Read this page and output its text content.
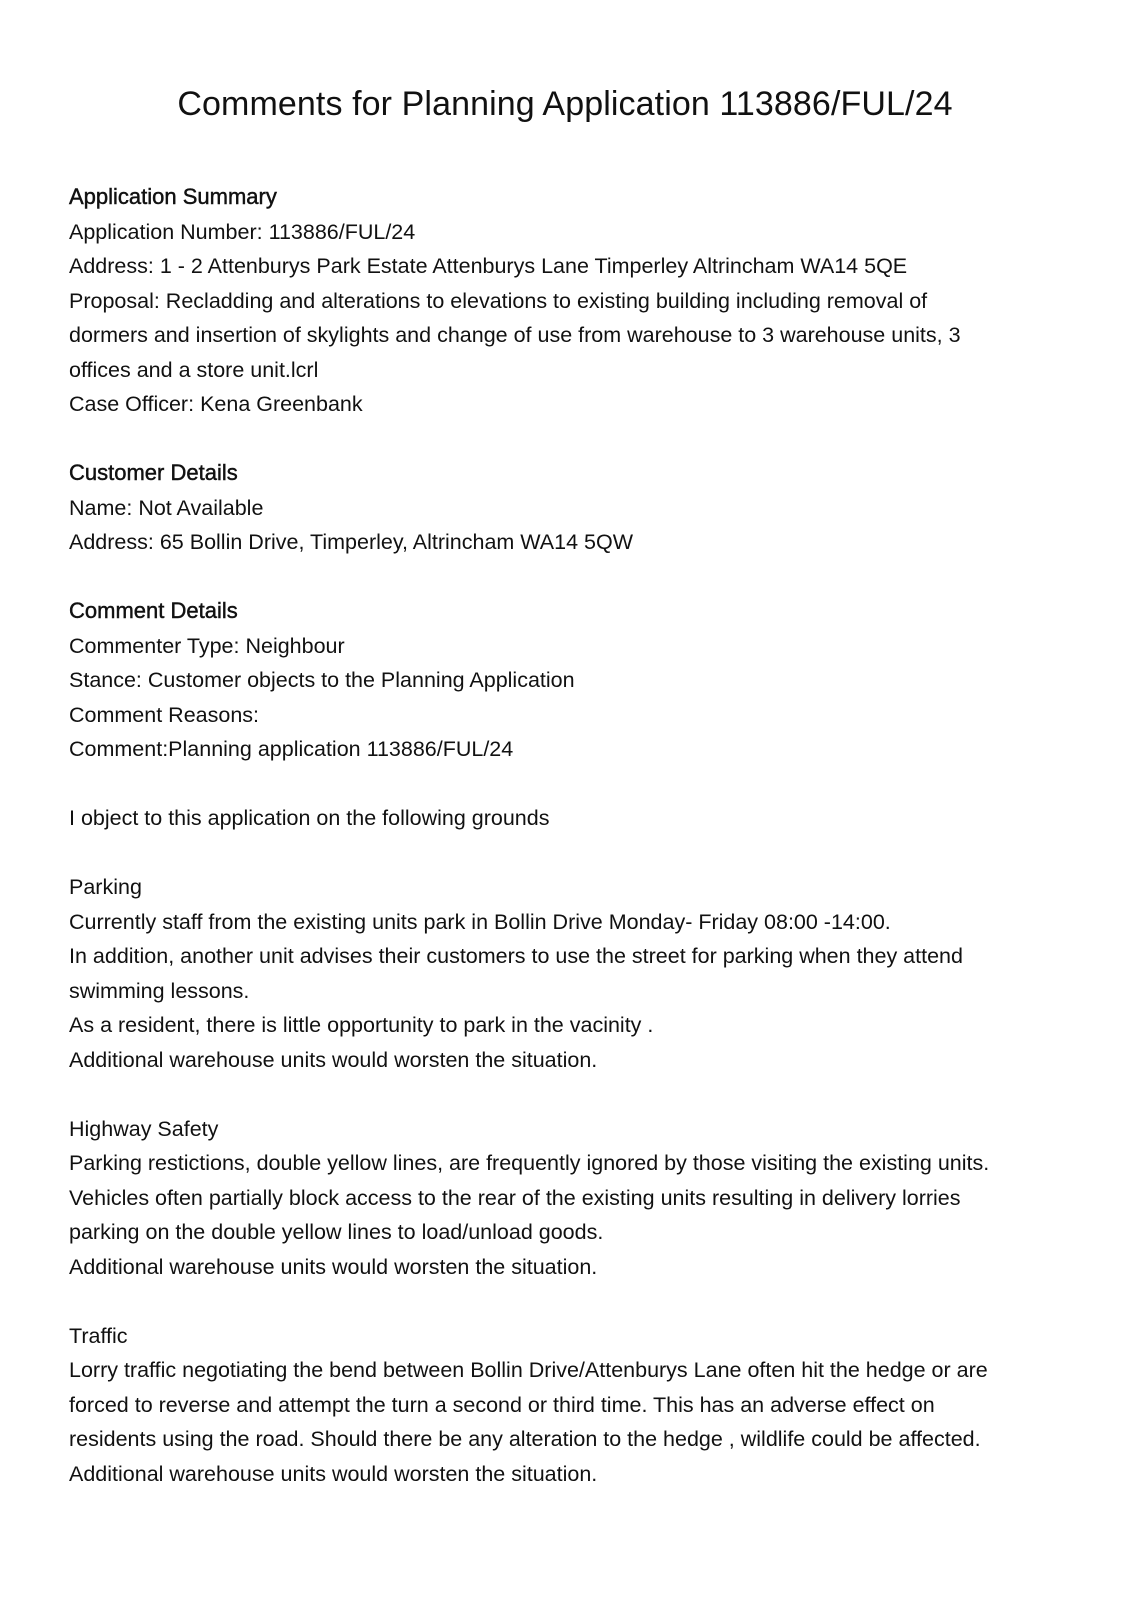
Comments for Planning Application 113886/FUL/24
Application Summary
Application Number: 113886/FUL/24
Address: 1 - 2 Attenburys Park Estate Attenburys Lane Timperley Altrincham WA14 5QE
Proposal: Recladding and alterations to elevations to existing building including removal of
dormers and insertion of skylights and change of use from warehouse to 3 warehouse units, 3
offices and a store unit.lcrl
Case Officer: Kena Greenbank
Customer Details
Name: Not Available
Address: 65 Bollin Drive, Timperley, Altrincham WA14 5QW
Comment Details
Commenter Type: Neighbour
Stance: Customer objects to the Planning Application
Comment Reasons:
Comment:Planning application 113886/FUL/24
I object to this application on the following grounds
Parking
Currently staff from the existing units park in Bollin Drive Monday- Friday 08:00 -14:00.
In addition, another unit advises their customers to use the street for parking when they attend
swimming lessons.
As a resident, there is little opportunity to park in the vacinity .
Additional warehouse units would worsten the situation.
Highway Safety
Parking restictions, double yellow lines, are frequently ignored by those visiting the existing units.
Vehicles often partially block access to the rear of the existing units resulting in delivery lorries
parking on the double yellow lines to load/unload goods.
Additional warehouse units would worsten the situation.
Traffic
Lorry traffic negotiating the bend between Bollin Drive/Attenburys Lane often hit the hedge or are
forced to reverse and attempt the turn a second or third time. This has an adverse effect on
residents using the road. Should there be any alteration to the hedge , wildlife could be affected.
Additional warehouse units would worsten the situation.
